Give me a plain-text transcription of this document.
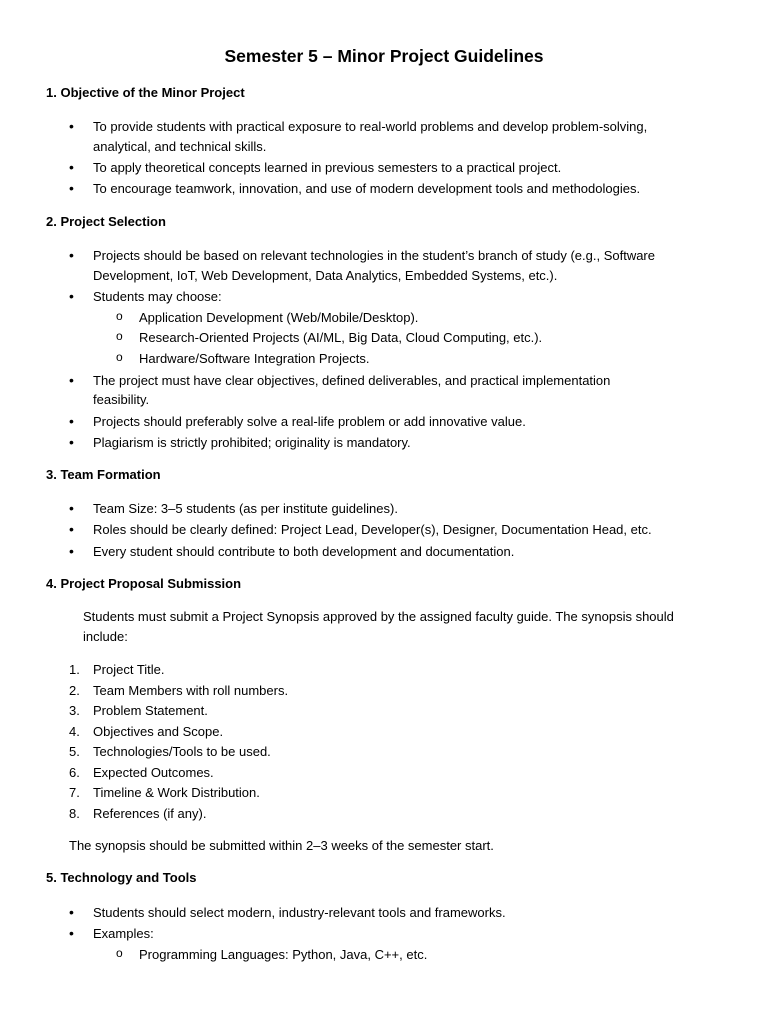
Semester 5 – Minor Project Guidelines

1. Objective of the Minor Project

• To provide students with practical exposure to real-world problems and develop problem-solving,

analytical, and technical skills.

• To apply theoretical concepts learned in previous semesters to a practical project.

• To encourage teamwork, innovation, and use of modern development tools and methodologies.

2. Project Selection

• Projects should be based on relevant technologies in the student’s branch of study (e.g., Software

Development, IoT, Web Development, Data Analytics, Embedded Systems, etc.).

• Students may choose:

o Application Development (Web/Mobile/Desktop).

o Research-Oriented Projects (AI/ML, Big Data, Cloud Computing, etc.).

o Hardware/Software Integration Projects.

• The project must have clear objectives, defined deliverables, and practical implementation

feasibility.

• Projects should preferably solve a real-life problem or add innovative value.

• Plagiarism is strictly prohibited; originality is mandatory.

3. Team Formation

• Team Size: 3–5 students (as per institute guidelines).

• Roles should be clearly defined: Project Lead, Developer(s), Designer, Documentation Head, etc.

• Every student should contribute to both development and documentation.

4. Project Proposal Submission

Students must submit a Project Synopsis approved by the assigned faculty guide. The synopsis should

include:

1. Project Title.

2. Team Members with roll numbers.

3. Problem Statement.

4. Objectives and Scope.

5. Technologies/Tools to be used.

6. Expected Outcomes.

7. Timeline & Work Distribution.

8. References (if any).

The synopsis should be submitted within 2–3 weeks of the semester start.

5. Technology and Tools

• Students should select modern, industry-relevant tools and frameworks.

• Examples:

o Programming Languages: Python, Java, C++, etc.
